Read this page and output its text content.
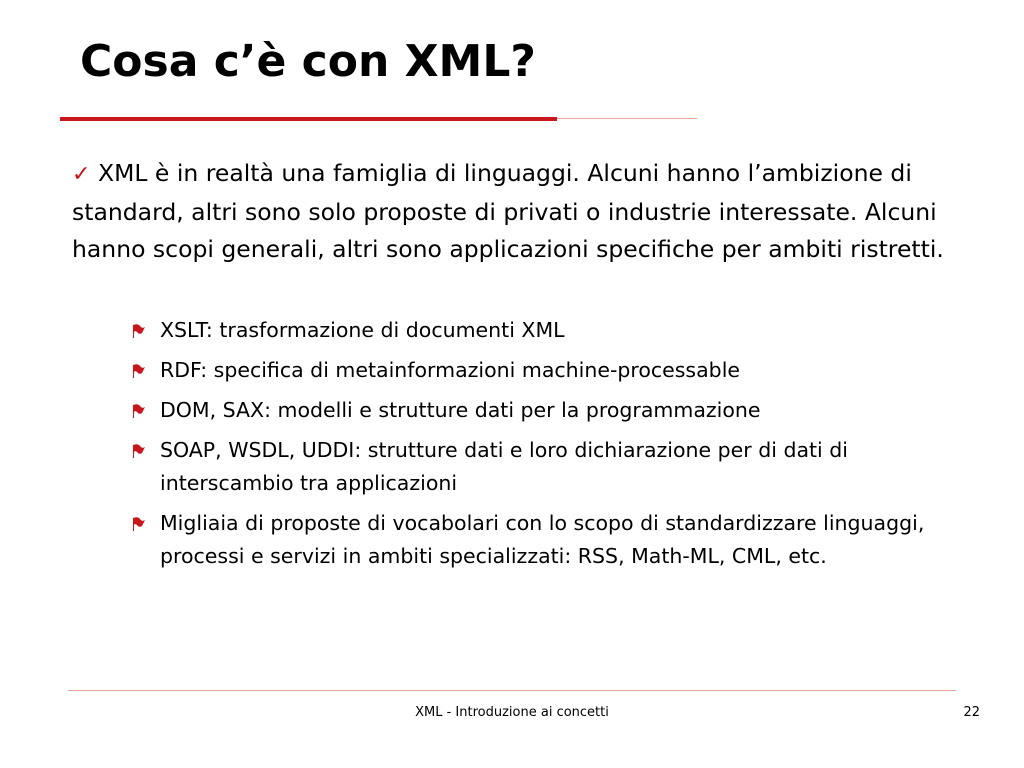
Cosa c’è con XML?
✓ XML è in realtà una famiglia di linguaggi. Alcuni hanno l’ambizione di standard, altri sono solo proposte di privati o industrie interessate. Alcuni hanno scopi generali, altri sono applicazioni specifiche per ambiti ristretti.
XSLT: trasformazione di documenti XML
RDF: specifica di metainformazioni machine-processable
DOM, SAX: modelli e strutture dati per la programmazione
SOAP, WSDL, UDDI: strutture dati e loro dichiarazione per di dati di interscambio tra applicazioni
Migliaia di proposte di vocabolari con lo scopo di standardizzare linguaggi, processi e servizi in ambiti specializzati: RSS, Math-ML, CML, etc.
XML - Introduzione ai concetti	22
